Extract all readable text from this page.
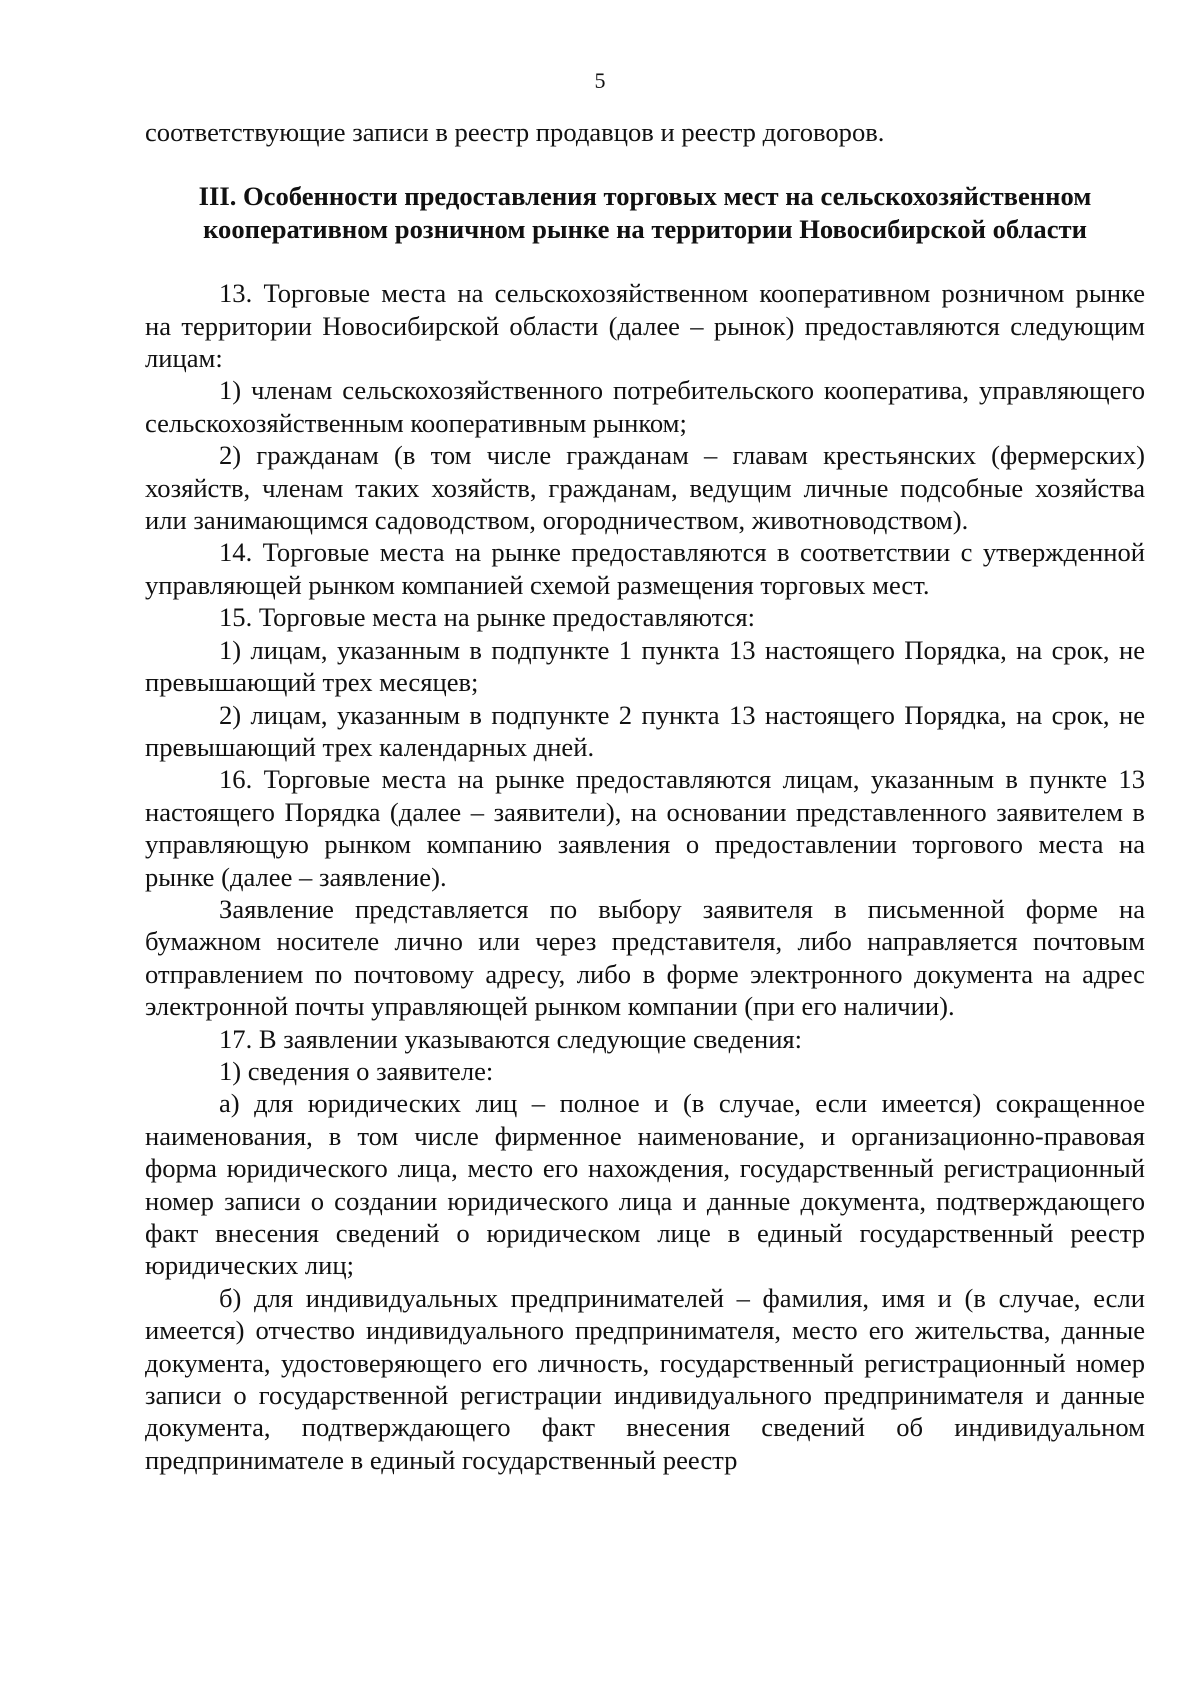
5

соответствующие записи в реестр продавцов и реестр договоров.

III. Особенности предоставления торговых мест на сельскохозяйственном
кооперативном розничном рынке на территории Новосибирской области

13. Торговые места на сельскохозяйственном кооперативном розничном рынке на территории Новосибирской области (далее – рынок) предоставляются следующим лицам:

1) членам сельскохозяйственного потребительского кооператива, управляющего сельскохозяйственным кооперативным рынком;

2) гражданам (в том числе гражданам – главам крестьянских (фермерских) хозяйств, членам таких хозяйств, гражданам, ведущим личные подсобные хозяйства или занимающимся садоводством, огородничеством, животноводством).

14. Торговые места на рынке предоставляются в соответствии с утвержденной управляющей рынком компанией схемой размещения торговых мест.

15. Торговые места на рынке предоставляются:

1) лицам, указанным в подпункте 1 пункта 13 настоящего Порядка, на срок, не превышающий трех месяцев;

2) лицам, указанным в подпункте 2 пункта 13 настоящего Порядка, на срок, не превышающий трех календарных дней.

16. Торговые места на рынке предоставляются лицам, указанным в пункте 13 настоящего Порядка (далее – заявители), на основании представленного заявителем в управляющую рынком компанию заявления о предоставлении торгового места на рынке (далее – заявление).

Заявление представляется по выбору заявителя в письменной форме на бумажном носителе лично или через представителя, либо направляется почтовым отправлением по почтовому адресу, либо в форме электронного документа на адрес электронной почты управляющей рынком компании (при его наличии).

17. В заявлении указываются следующие сведения:

1) сведения о заявителе:

а) для юридических лиц – полное и (в случае, если имеется) сокращенное наименования, в том числе фирменное наименование, и организационно-правовая форма юридического лица, место его нахождения, государственный регистрационный номер записи о создании юридического лица и данные документа, подтверждающего факт внесения сведений о юридическом лице в единый государственный реестр юридических лиц;

б) для индивидуальных предпринимателей – фамилия, имя и (в случае, если имеется) отчество индивидуального предпринимателя, место его жительства, данные документа, удостоверяющего его личность, государственный регистрационный номер записи о государственной регистрации индивидуального предпринимателя и данные документа, подтверждающего факт внесения сведений об индивидуальном предпринимателе в единый государственный реестр
